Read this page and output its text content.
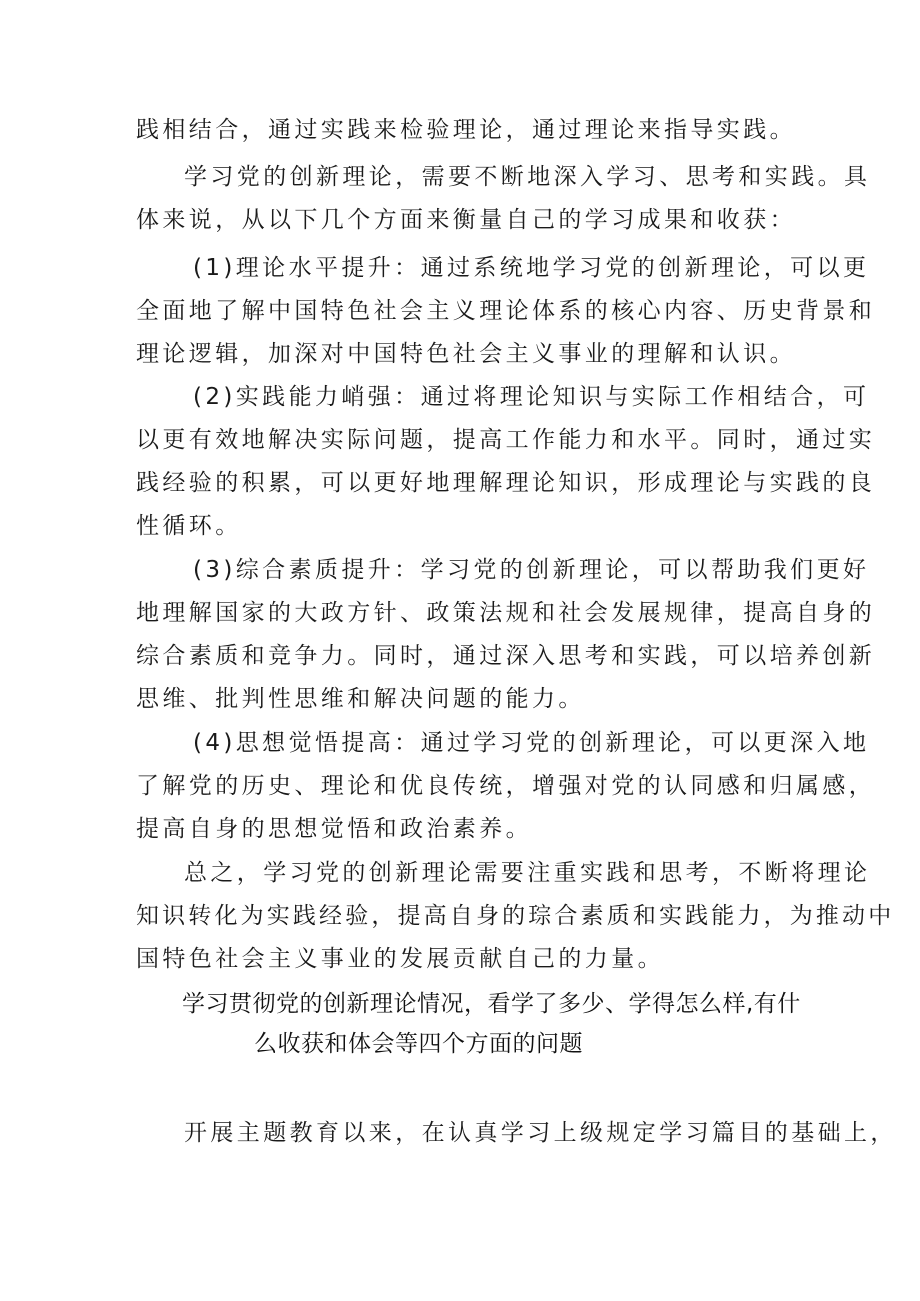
践相结合，通过实践来检验理论，通过理论来指导实践。
学习党的创新理论，需要不断地深入学习、思考和实践。具
体来说，从以下几个方面来衡量自己的学习成果和收获：
(1)理论水平提升：通过系统地学习党的创新理论，可以更
全面地了解中国特色社会主义理论体系的核心内容、历史背景和
理论逻辑，加深对中国特色社会主义事业的理解和认识。
(2)实践能力峭强：通过将理论知识与实际工作相结合，可
以更有效地解决实际问题，提高工作能力和水平。同时，通过实
践经验的积累，可以更好地理解理论知识，形成理论与实践的良
性循环。
(3)综合素质提升：学习党的创新理论，可以帮助我们更好
地理解国家的大政方针、政策法规和社会发展规律，提高自身的
综合素质和竞争力。同时，通过深入思考和实践，可以培养创新
思维、批判性思维和解决问题的能力。
(4)思想觉悟提高：通过学习党的创新理论，可以更深入地
了解党的历史、理论和优良传统，增强对党的认同感和归属感，
提高自身的思想觉悟和政治素养。
总之，学习党的创新理论需要注重实践和思考，不断将理论
知识转化为实践经验，提高自身的琮合素质和实践能力，为推动中
国特色社会主义事业的发展贡献自己的力量。
学习贯彻党的创新理论情况，看学了多少、学得怎么样,有什
么收获和体会等四个方面的问题
开展主题教育以来，在认真学习上级规定学习篇目的基础上，
